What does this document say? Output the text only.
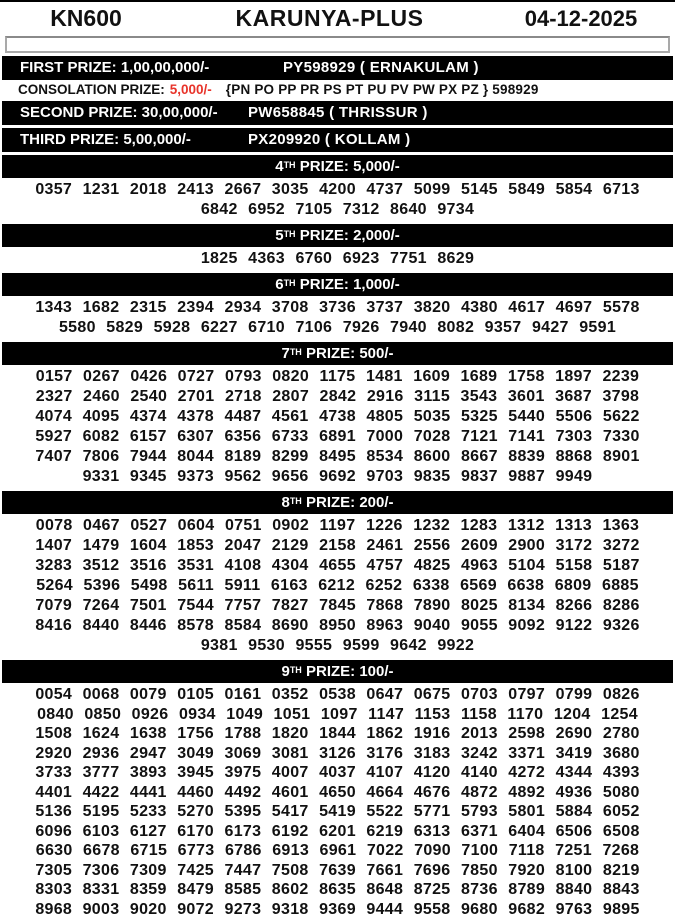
KN600	KARUNYA-PLUS	04-12-2025
FIRST PRIZE: 1,00,00,000/-	PY598929 ( ERNAKULAM )
CONSOLATION PRIZE: 5,000/- {PN PO PP PR PS PT PU PV PW PX PZ } 598929
SECOND PRIZE: 30,00,000/-	PW658845 ( THRISSUR )
THIRD PRIZE: 5,00,000/-	PX209920 ( KOLLAM )
4TH PRIZE: 5,000/-
0357 1231 2018 2413 2667 3035 4200 4737 5099 5145 5849 5854 6713
6842 6952 7105 7312 8640 9734
5TH PRIZE: 2,000/-
1825 4363 6760 6923 7751 8629
6TH PRIZE: 1,000/-
1343 1682 2315 2394 2934 3708 3736 3737 3820 4380 4617 4697 5578
5580 5829 5928 6227 6710 7106 7926 7940 8082 9357 9427 9591
7TH PRIZE: 500/-
0157 0267 0426 0727 0793 0820 1175 1481 1609 1689 1758 1897 2239
2327 2460 2540 2701 2718 2807 2842 2916 3115 3543 3601 3687 3798
4074 4095 4374 4378 4487 4561 4738 4805 5035 5325 5440 5506 5622
5927 6082 6157 6307 6356 6733 6891 7000 7028 7121 7141 7303 7330
7407 7806 7944 8044 8189 8299 8495 8534 8600 8667 8839 8868 8901
9331 9345 9373 9562 9656 9692 9703 9835 9837 9887 9949
8TH PRIZE: 200/-
0078 0467 0527 0604 0751 0902 1197 1226 1232 1283 1312 1313 1363
1407 1479 1604 1853 2047 2129 2158 2461 2556 2609 2900 3172 3272
3283 3512 3516 3531 4108 4304 4655 4757 4825 4963 5104 5158 5187
5264 5396 5498 5611 5911 6163 6212 6252 6338 6569 6638 6809 6885
7079 7264 7501 7544 7757 7827 7845 7868 7890 8025 8134 8266 8286
8416 8440 8446 8578 8584 8690 8950 8963 9040 9055 9092 9122 9326
9381 9530 9555 9599 9642 9922
9TH PRIZE: 100/-
0054 0068 0079 0105 0161 0352 0538 0647 0675 0703 0797 0799 0826
0840 0850 0926 0934 1049 1051 1097 1147 1153 1158 1170 1204 1254
1508 1624 1638 1756 1788 1820 1844 1862 1916 2013 2598 2690 2780
2920 2936 2947 3049 3069 3081 3126 3176 3183 3242 3371 3419 3680
3733 3777 3893 3945 3975 4007 4037 4107 4120 4140 4272 4344 4393
4401 4422 4441 4460 4492 4601 4650 4664 4676 4872 4892 4936 5080
5136 5195 5233 5270 5395 5417 5419 5522 5771 5793 5801 5884 6052
6096 6103 6127 6170 6173 6192 6201 6219 6313 6371 6404 6506 6508
6630 6678 6715 6773 6786 6913 6961 7022 7090 7100 7118 7251 7268
7305 7306 7309 7425 7447 7508 7639 7661 7696 7850 7920 8100 8219
8303 8331 8359 8479 8585 8602 8635 8648 8725 8736 8789 8840 8843
8968 9003 9020 9072 9273 9318 9369 9444 9558 9680 9682 9763 9895
